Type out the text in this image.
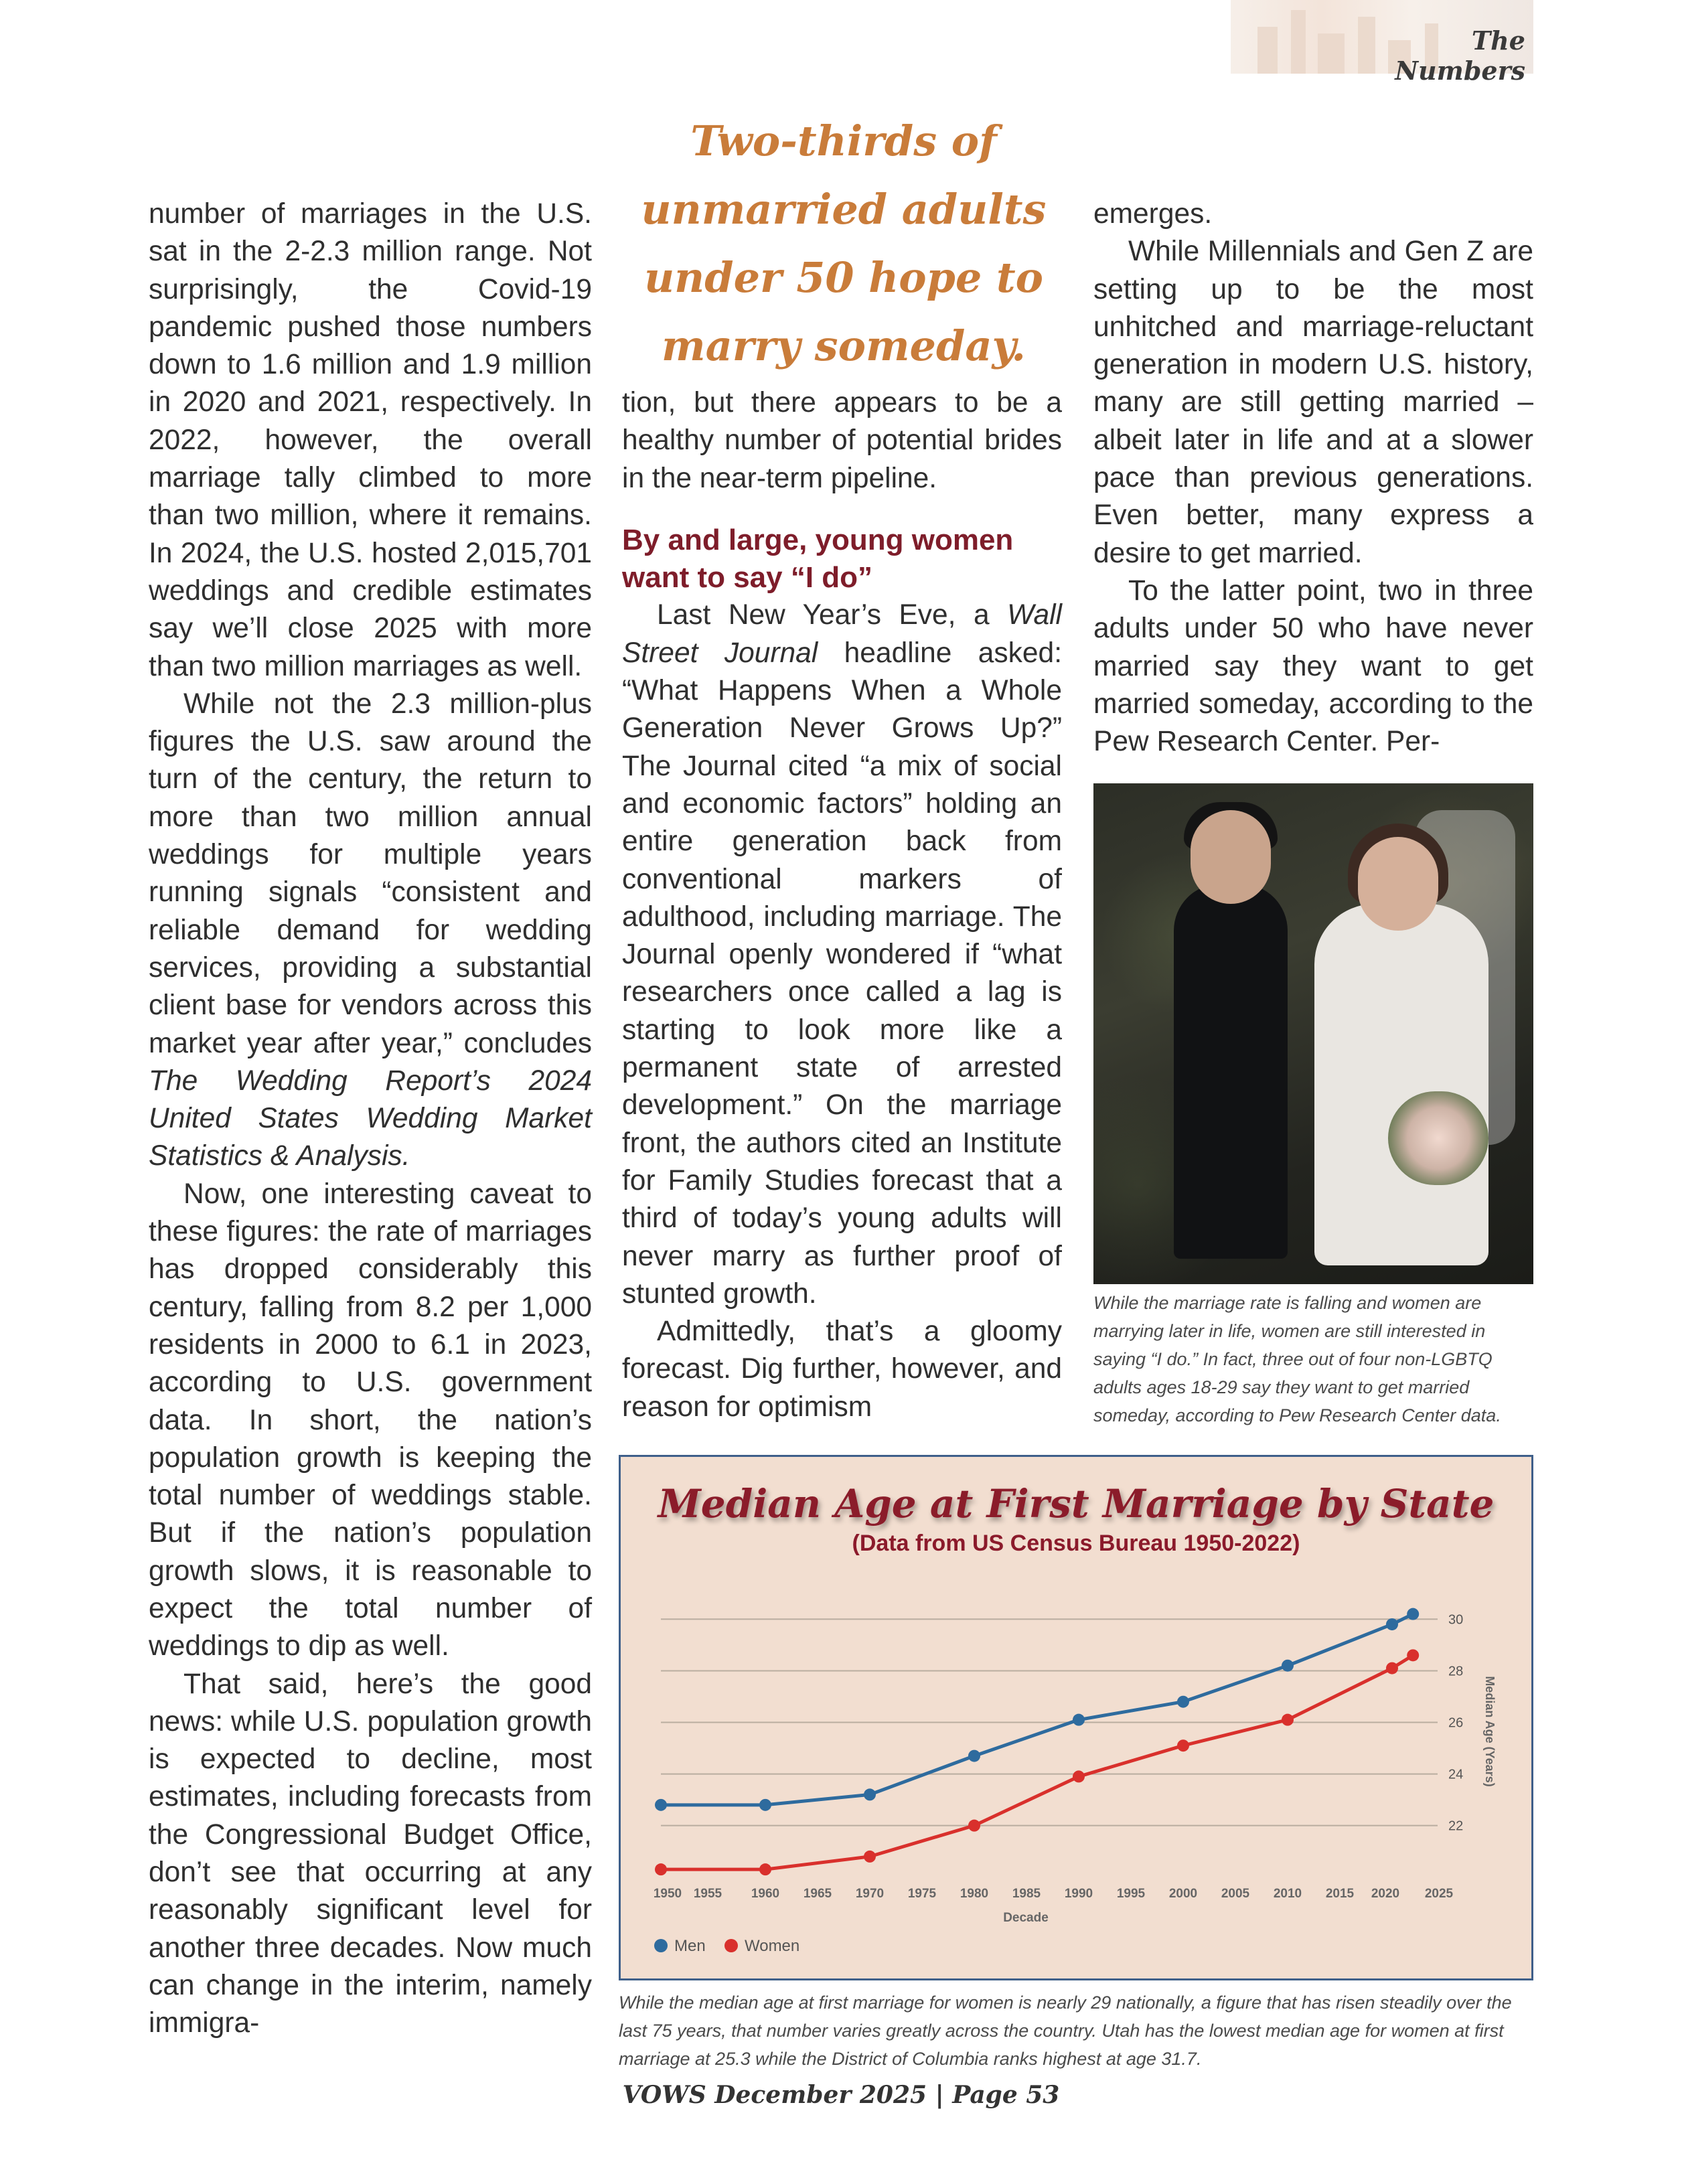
The Numbers
Two-thirds of unmarried adults under 50 hope to marry someday.

number of marriages in the U.S. sat in the 2-2.3 million range. Not surprisingly, the Covid-19 pandemic pushed those numbers down to 1.6 million and 1.9 million in 2020 and 2021, respectively. In 2022, however, the overall marriage tally climbed to more than two million, where it remains. In 2024, the U.S. hosted 2,015,701 weddings and credible estimates say we’ll close 2025 with more than two million marriages as well.

While not the 2.3 million-plus figures the U.S. saw around the turn of the century, the return to more than two million annual weddings for multiple years running signals “consistent and reliable demand for wedding services, providing a substantial client base for vendors across this market year after year,” concludes The Wedding Report’s 2024 United States Wedding Market Statistics & Analysis.

Now, one interesting caveat to these figures: the rate of marriages has dropped considerably this century, falling from 8.2 per 1,000 residents in 2000 to 6.1 in 2023, according to U.S. government data. In short, the nation’s population growth is keeping the total number of weddings stable. But if the nation’s population growth slows, it is reasonable to expect the total number of weddings to dip as well.

That said, here’s the good news: while U.S. population growth is expected to decline, most estimates, including forecasts from the Congressional Budget Office, don’t see that occurring at any reasonably significant level for another three decades. Now much can change in the interim, namely immigra-

tion, but there appears to be a healthy number of potential brides in the near-term pipeline.

By and large, young women want to say “I do”

Last New Year’s Eve, a Wall Street Journal headline asked: “What Happens When a Whole Generation Never Grows Up?” The Journal cited “a mix of social and economic factors” holding an entire generation back from conventional markers of adulthood, including marriage. The Journal openly wondered if “what researchers once called a lag is starting to look more like a permanent state of arrested development.” On the marriage front, the authors cited an Institute for Family Studies forecast that a third of today’s young adults will never marry as further proof of stunted growth.

Admittedly, that’s a gloomy forecast. Dig further, however, and reason for optimism

emerges.

While Millennials and Gen Z are setting up to be the most unhitched and marriage-reluctant generation in modern U.S. history, many are still getting married – albeit later in life and at a slower pace than previous generations. Even better, many express a desire to get married.

To the latter point, two in three adults under 50 who have never married say they want to get married someday, according to the Pew Research Center. Per-

While the marriage rate is falling and women are marrying later in life, women are still interested in saying “I do.” In fact, three out of four non-LGBTQ adults ages 18-29 say they want to get married someday, according to Pew Research Center data.
Median Age at First Marriage by State
(Data from US Census Bureau 1950-2022)
22
24
26
28
30
Median Age (Years)
1950 1955 1960 1965 1970 1975 1980 1985 1990 1995 2000 2005 2010 2015 2020 2025
Decade
Men Women
While the median age at first marriage for women is nearly 29 nationally, a figure that has risen steadily over the last 75 years, that number varies greatly across the country. Utah has the lowest median age for women at first marriage at 25.3 while the District of Columbia ranks highest at age 31.7.
VOWS December 2025 | Page 53
